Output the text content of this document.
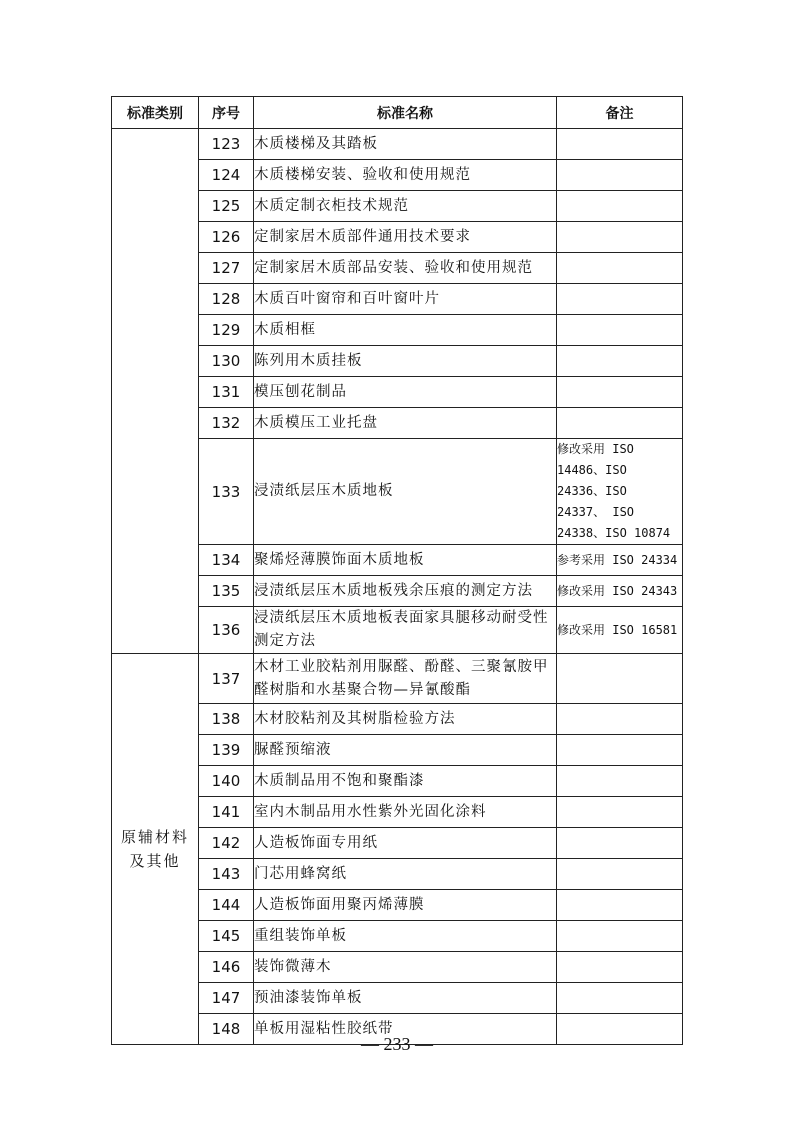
标准类别	序号	标准名称	备注
	123	木质楼梯及其踏板	
	124	木质楼梯安装、验收和使用规范	
	125	木质定制衣柜技术规范	
	126	定制家居木质部件通用技术要求	
	127	定制家居木质部品安装、验收和使用规范	
	128	木质百叶窗帘和百叶窗叶片	
	129	木质相框	
	130	陈列用木质挂板	
	131	模压刨花制品	
	132	木质模压工业托盘	
	133	浸渍纸层压木质地板	修改采用 ISO 14486、ISO 24336、ISO 24337、 ISO 24338、ISO 10874
	134	聚烯烃薄膜饰面木质地板	参考采用 ISO 24334
	135	浸渍纸层压木质地板残余压痕的测定方法	修改采用 ISO 24343
	136	浸渍纸层压木质地板表面家具腿移动耐受性测定方法	修改采用 ISO 16581
原辅材料及其他	137	木材工业胶粘剂用脲醛、酚醛、三聚氰胺甲醛树脂和水基聚合物—异氰酸酯	
	138	木材胶粘剂及其树脂检验方法	
	139	脲醛预缩液	
	140	木质制品用不饱和聚酯漆	
	141	室内木制品用水性紫外光固化涂料	
	142	人造板饰面专用纸	
	143	门芯用蜂窝纸	
	144	人造板饰面用聚丙烯薄膜	
	145	重组装饰单板	
	146	装饰微薄木	
	147	预油漆装饰单板	
	148	单板用湿粘性胶纸带	
— 233 —
